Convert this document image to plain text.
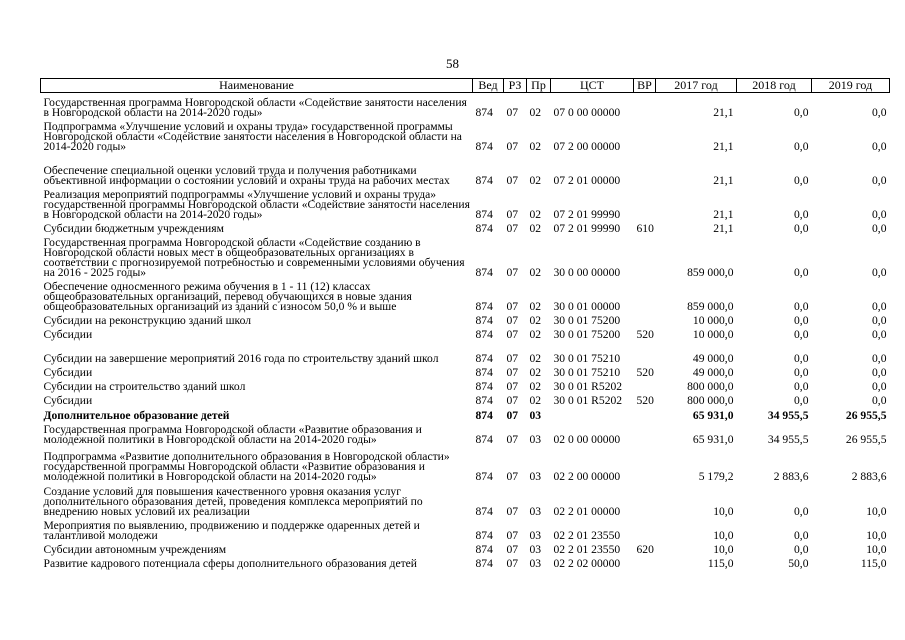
58
Наименование	Вед	РЗ	Пр	ЦСТ	ВР	2017 год	2018 год	2019 год
Государственная программа Новгородской области «Содействие занятости населения в Новгородской области на 2014-2020 годы»	874	07	02	07 0 00 00000		21,1	0,0	0,0
Подпрограмма «Улучшение условий и охраны труда» государственной программы Новгородской области «Содействие занятости населения в Новгородской области на 2014-2020 годы»	874	07	02	07 2 00 00000		21,1	0,0	0,0
Обеспечение специальной оценки условий труда и получения работниками объективной информации о состоянии условий и охраны труда на рабочих местах	874	07	02	07 2 01 00000		21,1	0,0	0,0
Реализация мероприятий подпрограммы «Улучшение условий и охраны труда» государственной программы Новгородской области «Содействие занятости населения в Новгородской области на 2014-2020 годы»	874	07	02	07 2 01 99990		21,1	0,0	0,0
Субсидии бюджетным учреждениям	874	07	02	07 2 01 99990	610	21,1	0,0	0,0
Государственная программа Новгородской области «Содействие созданию в Новгородской области новых мест в общеобразовательных организациях в соответствии с прогнозируемой потребностью и современными условиями обучения на 2016 - 2025 годы»	874	07	02	30 0 00 00000		859 000,0	0,0	0,0
Обеспечение односменного режима обучения в 1 - 11 (12) классах общеобразовательных организаций, перевод обучающихся в новые здания общеобразовательных организаций из зданий с износом 50,0 % и выше	874	07	02	30 0 01 00000		859 000,0	0,0	0,0
Субсидии на реконструкцию зданий школ	874	07	02	30 0 01 75200		10 000,0	0,0	0,0
Субсидии	874	07	02	30 0 01 75200	520	10 000,0	0,0	0,0
Субсидии на завершение мероприятий 2016 года по строительству зданий школ	874	07	02	30 0 01 75210		49 000,0	0,0	0,0
Субсидии	874	07	02	30 0 01 75210	520	49 000,0	0,0	0,0
Субсидии на строительство зданий школ	874	07	02	30 0 01 R5202		800 000,0	0,0	0,0
Субсидии	874	07	02	30 0 01 R5202	520	800 000,0	0,0	0,0
Дополнительное образование детей	874	07	03			65 931,0	34 955,5	26 955,5
Государственная программа Новгородской области «Развитие образования и молодежной политики в Новгородской области на 2014-2020 годы»	874	07	03	02 0 00 00000		65 931,0	34 955,5	26 955,5
Подпрограмма «Развитие дополнительного образования в Новгородской области» государственной программы Новгородской области «Развитие образования и молодежной политики в Новгородской области на 2014-2020 годы»	874	07	03	02 2 00 00000		5 179,2	2 883,6	2 883,6
Создание условий для повышения качественного уровня оказания услуг дополнительного образования детей, проведения комплекса мероприятий по внедрению новых условий их реализации	874	07	03	02 2 01 00000		10,0	0,0	10,0
Мероприятия по выявлению, продвижению и поддержке одаренных детей и талантливой молодежи	874	07	03	02 2 01 23550		10,0	0,0	10,0
Субсидии автономным учреждениям	874	07	03	02 2 01 23550	620	10,0	0,0	10,0
Развитие кадрового потенциала сферы дополнительного образования детей	874	07	03	02 2 02 00000		115,0	50,0	115,0
